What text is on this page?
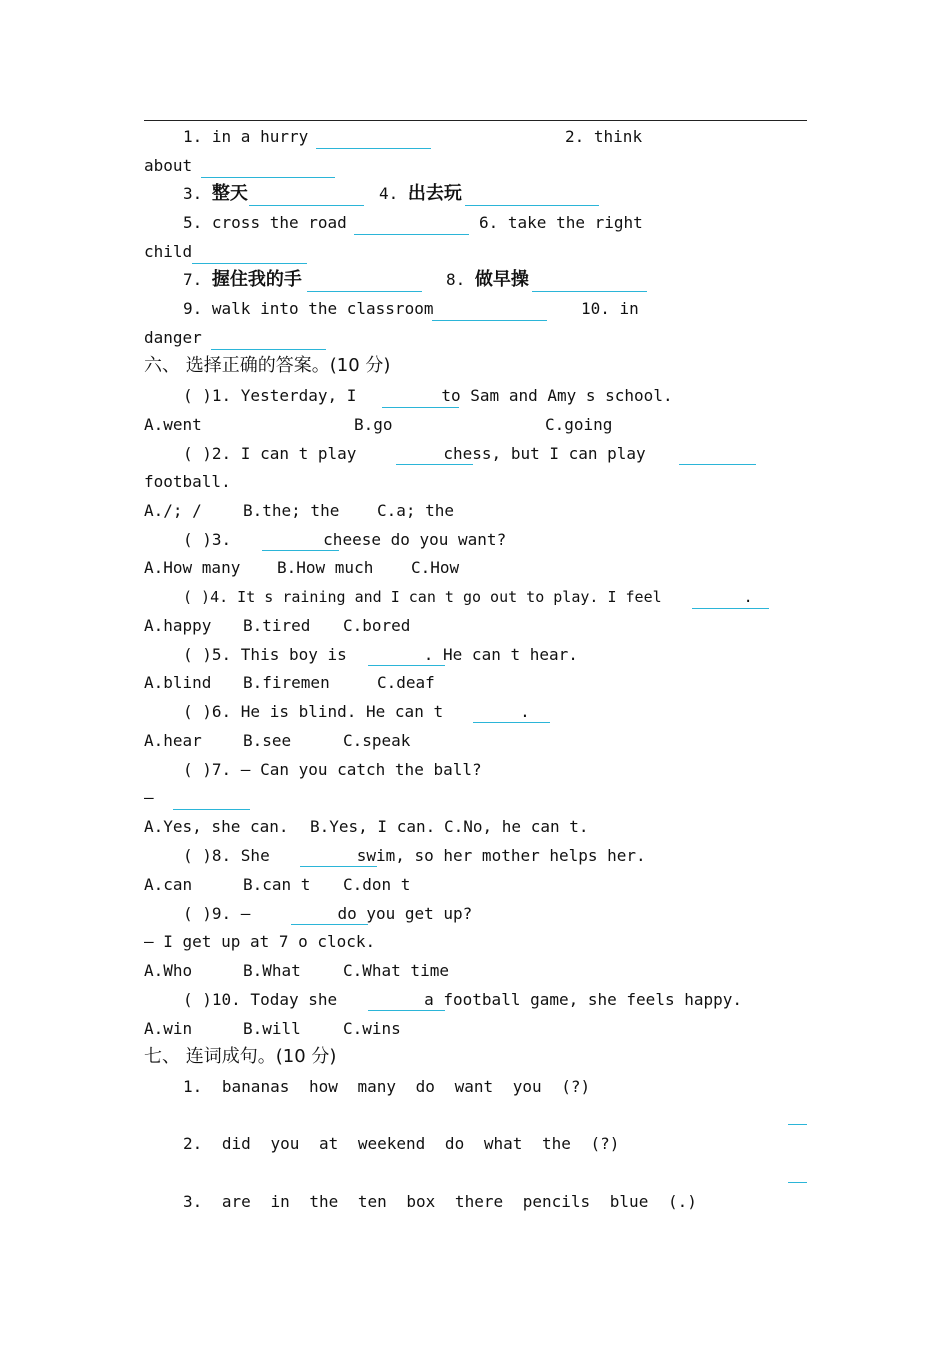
1. in a hurry	2. think
about
3. 整天	4. 出去玩
5. cross the road	6. take the right
child
7. 握住我的手	8. 做早操
9. walk into the classroom	10. in
danger
六、 选择正确的答案。(10 分)
( )1. Yesterday, I	to Sam and Amy s school.
A.went	B.go	C.going
( )2. I can t play	chess, but I can play
football.
A./; /	B.the; the C.a; the
( )3.	cheese do you want?
A.How many B.How much C.How
( )4. It s raining and I can t go out to play. I feel	.
A.happy B.tired C.bored
( )5. This boy is	. He can t hear.
A.blind B.firemen	C.deaf
( )6. He is blind. He can t	.
A.hear	B.see	C.speak
( )7. — Can you catch the ball?
—
A.Yes, she can. B.Yes, I can. C.No, he can t.
( )8. She	swim, so her mother helps her.
A.can	B.can t C.don t
( )9. —	do you get up?
— I get up at 7 o clock.
A.Who	B.What	C.What time
( )10. Today she	a football game, she feels happy.
A.win	B.will	C.wins
七、 连词成句。(10 分)
1. bananas how many do want you (?)
2. did you at weekend do what the (?)
3. are in the ten box there pencils blue (.)
